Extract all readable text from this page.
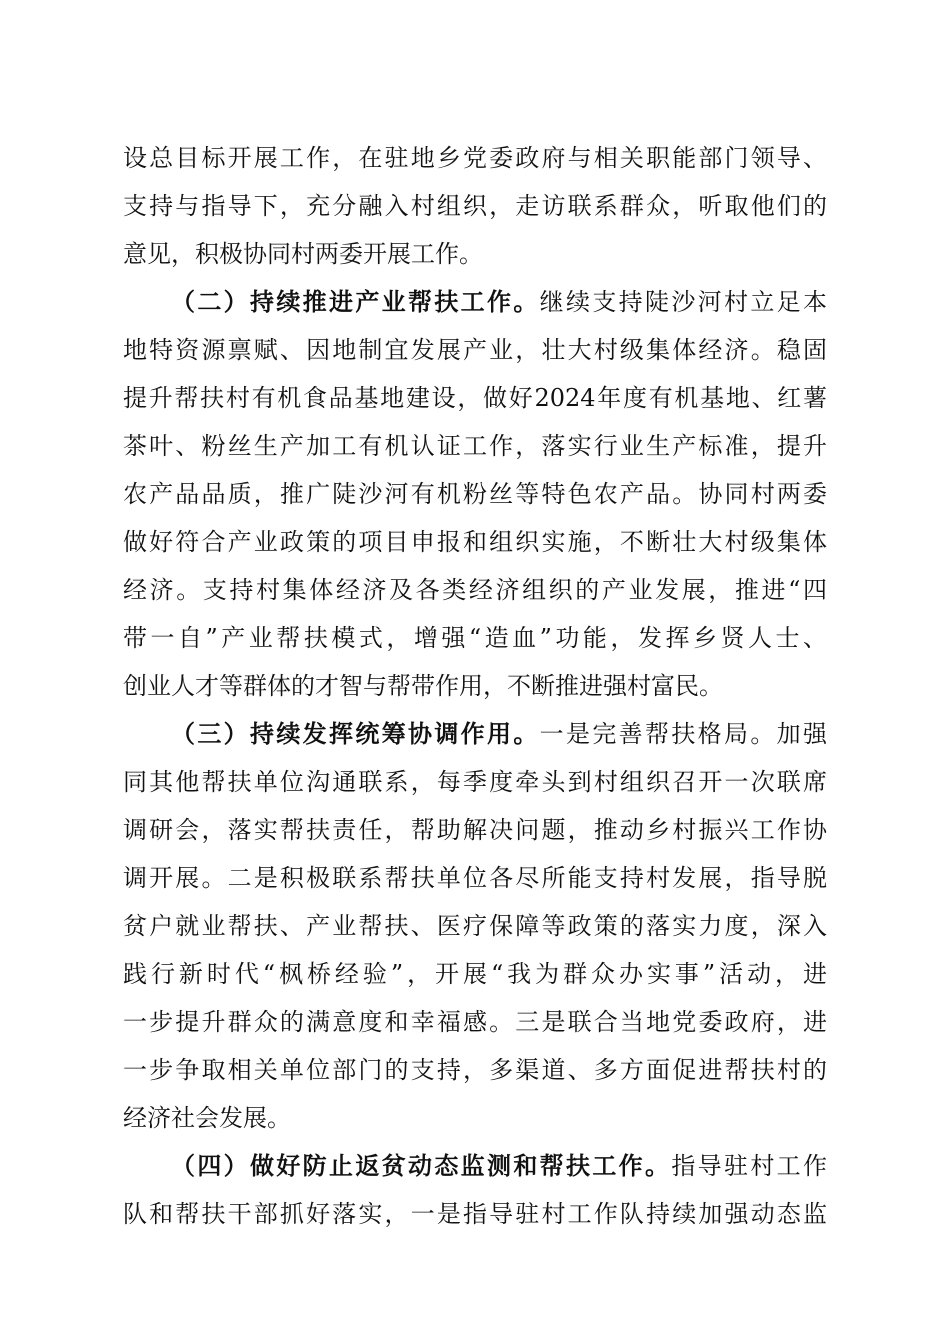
设总目标开展工作，在驻地乡党委政府与相关职能部门领导、
支持与指导下，充分融入村组织，走访联系群众，听取他们的
意见，积极协同村两委开展工作。
（二）持续推进产业帮扶工作。继续支持陡沙河村立足本
地特资源禀赋、因地制宜发展产业，壮大村级集体经济。稳固
提升帮扶村有机食品基地建设，做好2024年度有机基地、红薯
茶叶、粉丝生产加工有机认证工作，落实行业生产标准，提升
农产品品质，推广陡沙河有机粉丝等特色农产品。协同村两委
做好符合产业政策的项目申报和组织实施，不断壮大村级集体
经济。支持村集体经济及各类经济组织的产业发展，推进“四
带一自”产业帮扶模式，增强“造血”功能，发挥乡贤人士、
创业人才等群体的才智与帮带作用，不断推进强村富民。
（三）持续发挥统筹协调作用。一是完善帮扶格局。加强
同其他帮扶单位沟通联系，每季度牵头到村组织召开一次联席
调研会，落实帮扶责任，帮助解决问题，推动乡村振兴工作协
调开展。二是积极联系帮扶单位各尽所能支持村发展，指导脱
贫户就业帮扶、产业帮扶、医疗保障等政策的落实力度，深入
践行新时代“枫桥经验”，开展“我为群众办实事”活动，进
一步提升群众的满意度和幸福感。三是联合当地党委政府，进
一步争取相关单位部门的支持，多渠道、多方面促进帮扶村的
经济社会发展。
（四）做好防止返贫动态监测和帮扶工作。指导驻村工作
队和帮扶干部抓好落实，一是指导驻村工作队持续加强动态监
